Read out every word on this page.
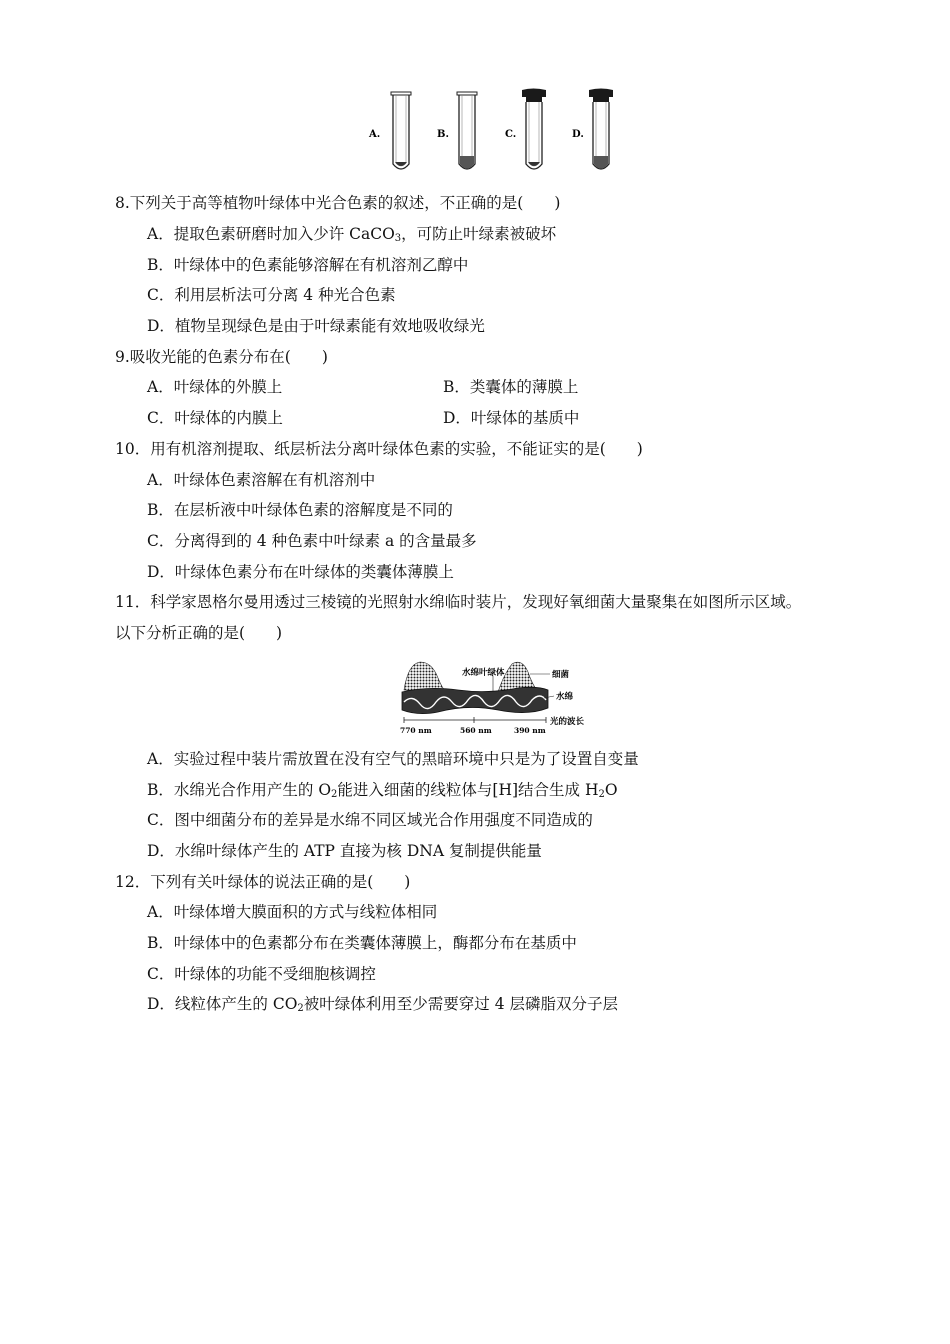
A.	B.	C.	D.
8.下列关于高等植物叶绿体中光合色素的叙述，不正确的是(　　)
A．提取色素研磨时加入少许 CaCO$_3$，可防止叶绿素被破坏
B．叶绿体中的色素能够溶解在有机溶剂乙醇中
C．利用层析法可分离 4 种光合色素
D．植物呈现绿色是由于叶绿素能有效地吸收绿光
9.吸收光能的色素分布在(　　)
A．叶绿体的外膜上	B．类囊体的薄膜上
C．叶绿体的内膜上	D．叶绿体的基质中
10．用有机溶剂提取、纸层析法分离叶绿体色素的实验，不能证实的是(　　)
A．叶绿体色素溶解在有机溶剂中
B．在层析液中叶绿体色素的溶解度是不同的
C．分离得到的 4 种色素中叶绿素 a 的含量最多
D．叶绿体色素分布在叶绿体的类囊体薄膜上
11．科学家恩格尔曼用透过三棱镜的光照射水绵临时装片，发现好氧细菌大量聚集在如图所示区域。
以下分析正确的是(　　)
水绵叶绿体	细菌
水绵
770 nm	560 nm	390 nm
光的波长
A．实验过程中装片需放置在没有空气的黑暗环境中只是为了设置自变量
B．水绵光合作用产生的 $O_2$能进入细菌的线粒体与[H]结合生成 $H_2O$
C．图中细菌分布的差异是水绵不同区域光合作用强度不同造成的
D．水绵叶绿体产生的 ATP 直接为核 DNA 复制提供能量
12．下列有关叶绿体的说法正确的是(　　)
A．叶绿体增大膜面积的方式与线粒体相同
B．叶绿体中的色素都分布在类囊体薄膜上，酶都分布在基质中
C．叶绿体的功能不受细胞核调控
D．线粒体产生的 $CO_2$被叶绿体利用至少需要穿过 4 层磷脂双分子层
